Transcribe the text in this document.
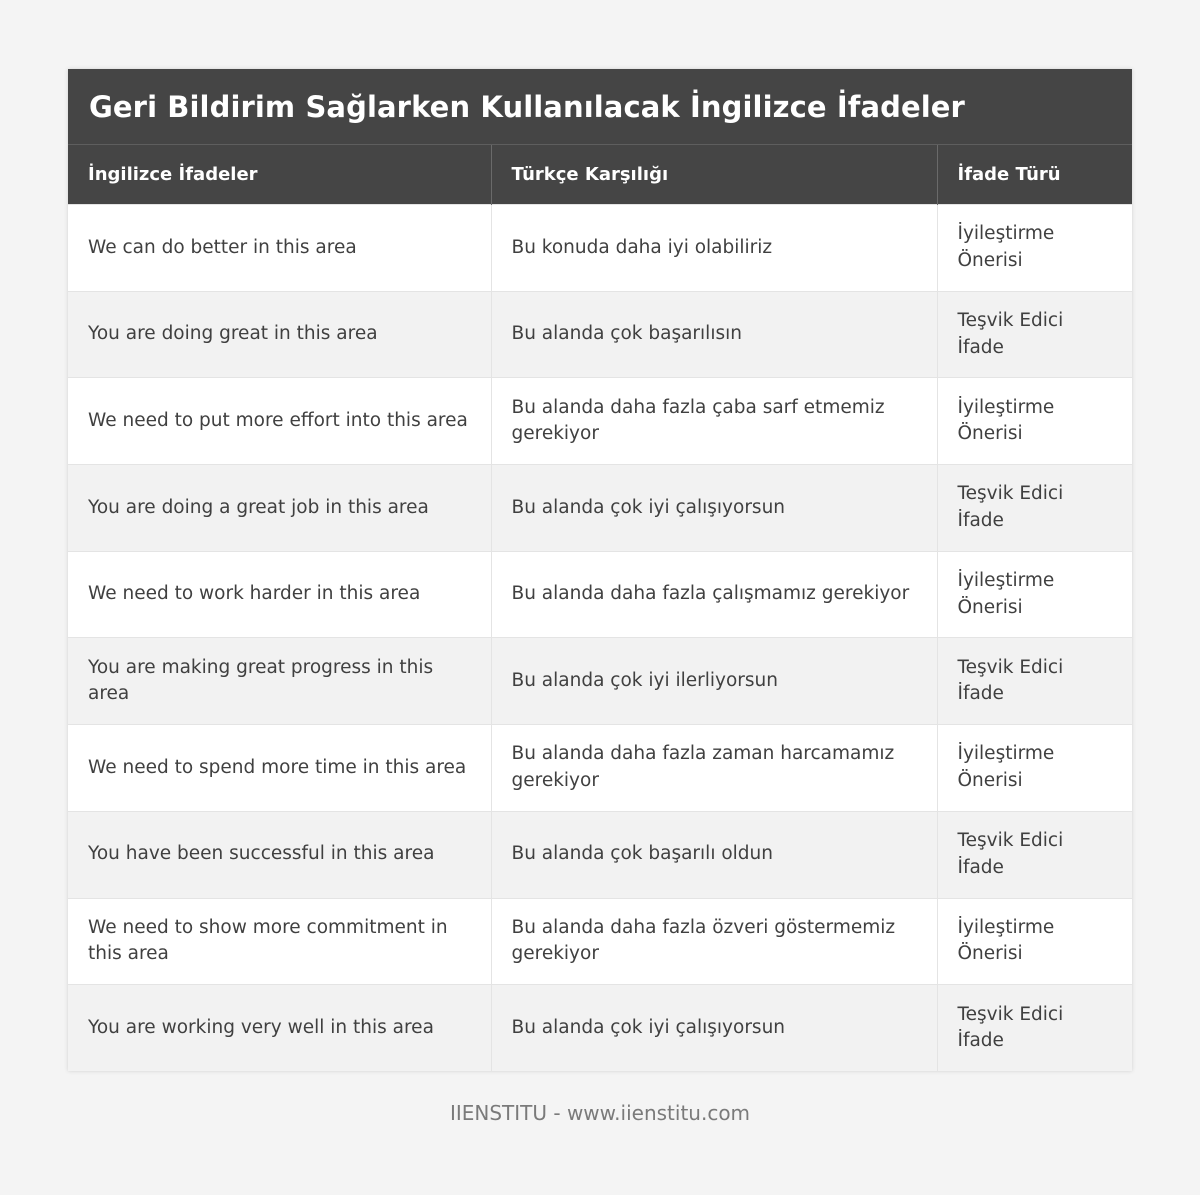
Geri Bildirim Sağlarken Kullanılacak İngilizce İfadeler
İngilizce İfadeler	Türkçe Karşılığı	İfade Türü
We can do better in this area	Bu konuda daha iyi olabiliriz	İyileştirme Önerisi
You are doing great in this area	Bu alanda çok başarılısın	Teşvik Edici İfade
We need to put more effort into this area	Bu alanda daha fazla çaba sarf etmemiz gerekiyor	İyileştirme Önerisi
You are doing a great job in this area	Bu alanda çok iyi çalışıyorsun	Teşvik Edici İfade
We need to work harder in this area	Bu alanda daha fazla çalışmamız gerekiyor	İyileştirme Önerisi
You are making great progress in this area	Bu alanda çok iyi ilerliyorsun	Teşvik Edici İfade
We need to spend more time in this area	Bu alanda daha fazla zaman harcamamız gerekiyor	İyileştirme Önerisi
You have been successful in this area	Bu alanda çok başarılı oldun	Teşvik Edici İfade
We need to show more commitment in this area	Bu alanda daha fazla özveri göstermemiz gerekiyor	İyileştirme Önerisi
You are working very well in this area	Bu alanda çok iyi çalışıyorsun	Teşvik Edici İfade
IIENSTITU - www.iienstitu.com
